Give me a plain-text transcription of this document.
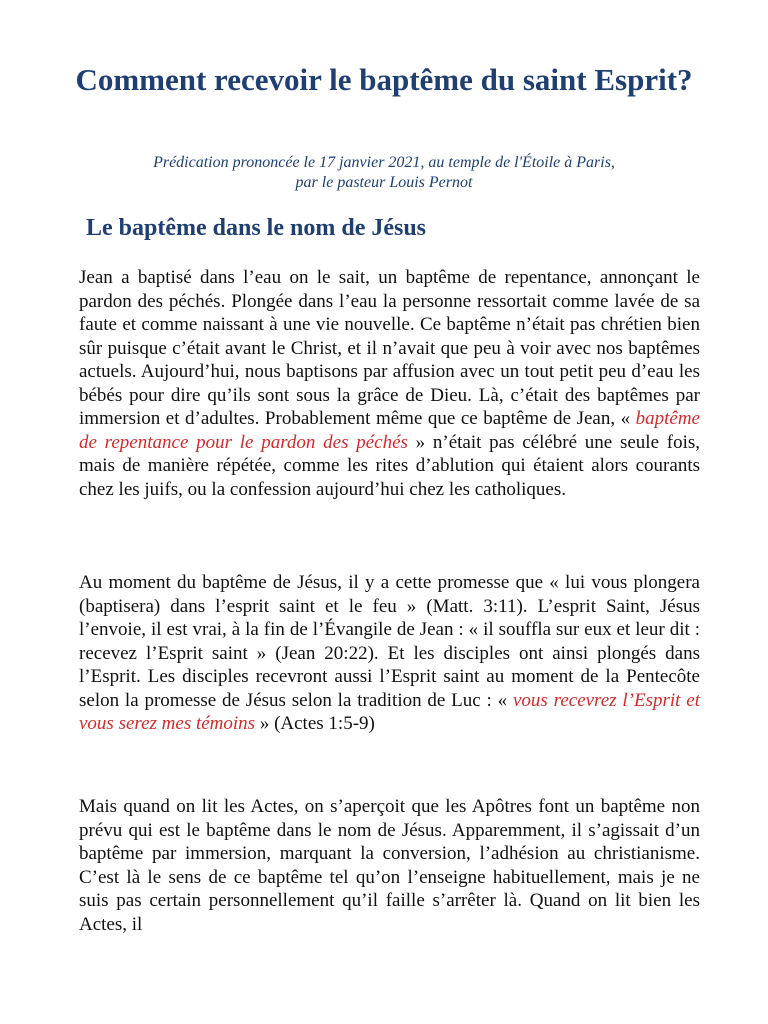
Comment recevoir le baptême du saint Esprit?

Prédication prononcée le 17 janvier 2021, au temple de l'Étoile à Paris,
par le pasteur Louis Pernot

Le baptême dans le nom de Jésus

Jean a baptisé dans l’eau on le sait, un baptême de repentance, annonçant le pardon des péchés. Plongée dans l’eau la personne ressortait comme lavée de sa faute et comme naissant à une vie nouvelle. Ce baptême n’était pas chrétien bien sûr puisque c’était avant le Christ, et il n’avait que peu à voir avec nos baptêmes actuels. Aujourd’hui, nous baptisons par affusion avec un tout petit peu d’eau les bébés pour dire qu’ils sont sous la grâce de Dieu. Là, c’était des baptêmes par immersion et d’adultes. Probablement même que ce baptême de Jean, « baptême de repentance pour le pardon des péchés » n’était pas célébré une seule fois, mais de manière répétée, comme les rites d’ablution qui étaient alors courants chez les juifs, ou la confession aujourd’hui chez les catholiques.

Au moment du baptême de Jésus, il y a cette promesse que « lui vous plongera (baptisera) dans l’esprit saint et le feu » (Matt. 3:11). L’esprit Saint, Jésus l’envoie, il est vrai, à la fin de l’Évangile de Jean : « il souffla sur eux et leur dit : recevez l’Esprit saint » (Jean 20:22). Et les disciples ont ainsi plongés dans l’Esprit. Les disciples recevront aussi l’Esprit saint au moment de la Pentecôte selon la promesse de Jésus selon la tradition de Luc : « vous recevrez l’Esprit et vous serez mes témoins » (Actes 1:5-9)

Mais quand on lit les Actes, on s’aperçoit que les Apôtres font un baptême non prévu qui est le baptême dans le nom de Jésus. Apparemment, il s’agissait d’un baptême par immersion, marquant la conversion, l’adhésion au christianisme. C’est là le sens de ce baptême tel qu’on l’enseigne habituellement, mais je ne suis pas certain personnellement qu’il faille s’arrêter là. Quand on lit bien les Actes, il
